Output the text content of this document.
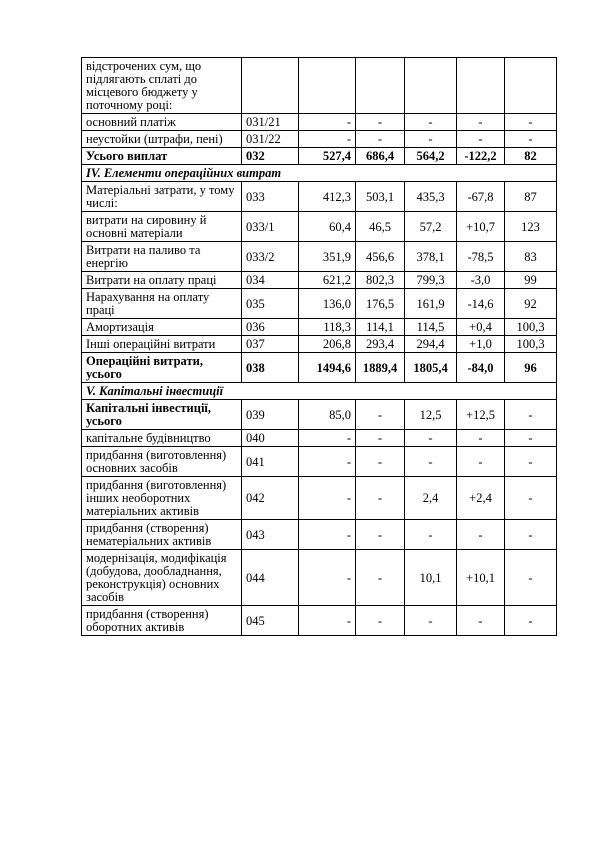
відстрочених сум, що підлягають сплаті до місцевого бюджету у поточному році:						
основний платіж	031/21	-	-	-	-	-
неустойки (штрафи, пені)	031/22	-	-	-	-	-
Усього виплат	032	527,4	686,4	564,2	-122,2	82
IV. Елементи операційних витрат						
Матеріальні затрати, у тому числі:	033	412,3	503,1	435,3	-67,8	87
витрати на сировину й основні матеріали	033/1	60,4	46,5	57,2	+10,7	123
Витрати на паливо та енергію	033/2	351,9	456,6	378,1	-78,5	83
Витрати на оплату праці	034	621,2	802,3	799,3	-3,0	99
Нарахування на оплату праці	035	136,0	176,5	161,9	-14,6	92
Амортизація	036	118,3	114,1	114,5	+0,4	100,3
Інші операційні витрати	037	206,8	293,4	294,4	+1,0	100,3
Операційні витрати, усього	038	1494,6	1889,4	1805,4	-84,0	96
V. Капітальні інвестиції						
Капітальні інвестиції, усього	039	85,0	-	12,5	+12,5	-
капітальне будівництво	040	-	-	-	-	-
придбання (виготовлення) основних засобів	041	-	-	-	-	-
придбання (виготовлення) інших необоротних матеріальних активів	042	-	-	2,4	+2,4	-
придбання (створення) нематеріальних активів	043	-	-	-	-	-
модернізація, модифікація (добудова, дообладнання, реконструкція) основних засобів	044	-	-	10,1	+10,1	-
придбання (створення) оборотних активів	045	-	-	-	-	-
